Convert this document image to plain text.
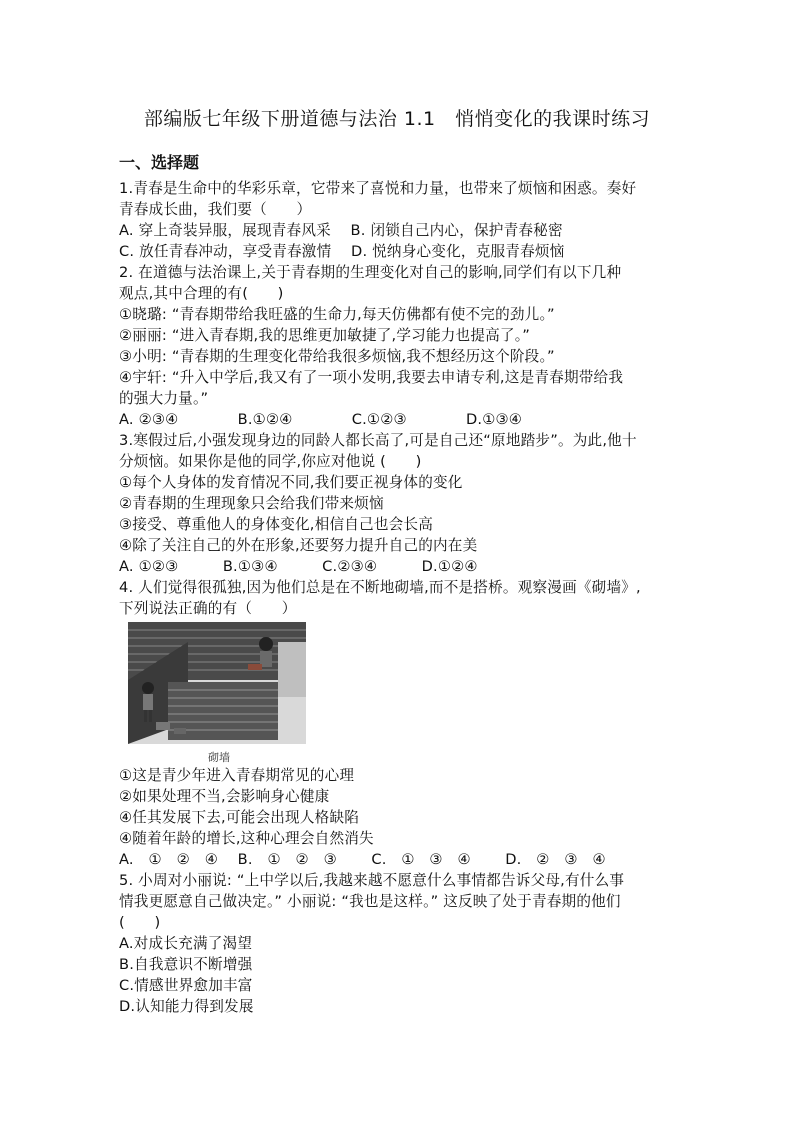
部编版七年级下册道德与法治 1.1　悄悄变化的我课时练习
一、选择题
1.青春是生命中的华彩乐章，它带来了喜悦和力量，也带来了烦恼和困惑。奏好
青春成长曲，我们要（　　）
A. 穿上奇装异服，展现青春风采　 B. 闭锁自己内心，保护青春秘密
C. 放任青春冲动，享受青春激情　 D. 悦纳身心变化，克服青春烦恼
2. 在道德与法治课上,关于青春期的生理变化对自己的影响,同学们有以下几种
观点,其中合理的有(　　)
①晓璐: “青春期带给我旺盛的生命力,每天仿佛都有使不完的劲儿。”
②丽丽: “进入青春期,我的思维更加敏捷了,学习能力也提高了。”
③小明: “青春期的生理变化带给我很多烦恼,我不想经历这个阶段。”
④宇轩: “升入中学后,我又有了一项小发明,我要去申请专利,这是青春期带给我
的强大力量。”
A. ②③④　　　　B.①②④　　　　C.①②③　　　　D.①③④
3.寒假过后,小强发现身边的同龄人都长高了,可是自己还“原地踏步”。为此,他十
分烦恼。如果你是他的同学,你应对他说 (　　)
①每个人身体的发育情况不同,我们要正视身体的变化
②青春期的生理现象只会给我们带来烦恼
③接受、尊重他人的身体变化,相信自己也会长高
④除了关注自己的外在形象,还要努力提升自己的内在美
A. ①②③　　　B.①③④　　　C.②③④　　　D.①②④
4. 人们觉得很孤独,因为他们总是在不断地砌墙,而不是搭桥。观察漫画《砌墙》,
下列说法正确的有（　　）
砌墙
①这是青少年进入青春期常见的心理
②如果处理不当,会影响身心健康
④任其发展下去,可能会出现人格缺陷
④随着年龄的增长,这种心理会自然消失
A.　①　②　④　 B.　①　②　③　　 C.　①　③　④　　 D.　②　③　④
5. 小周对小丽说: “上中学以后,我越来越不愿意什么事情都告诉父母,有什么事
情我更愿意自己做决定。” 小丽说: “我也是这样。” 这反映了处于青春期的他们
(　　)
A.对成长充满了渴望
B.自我意识不断增强
C.情感世界愈加丰富
D.认知能力得到发展
